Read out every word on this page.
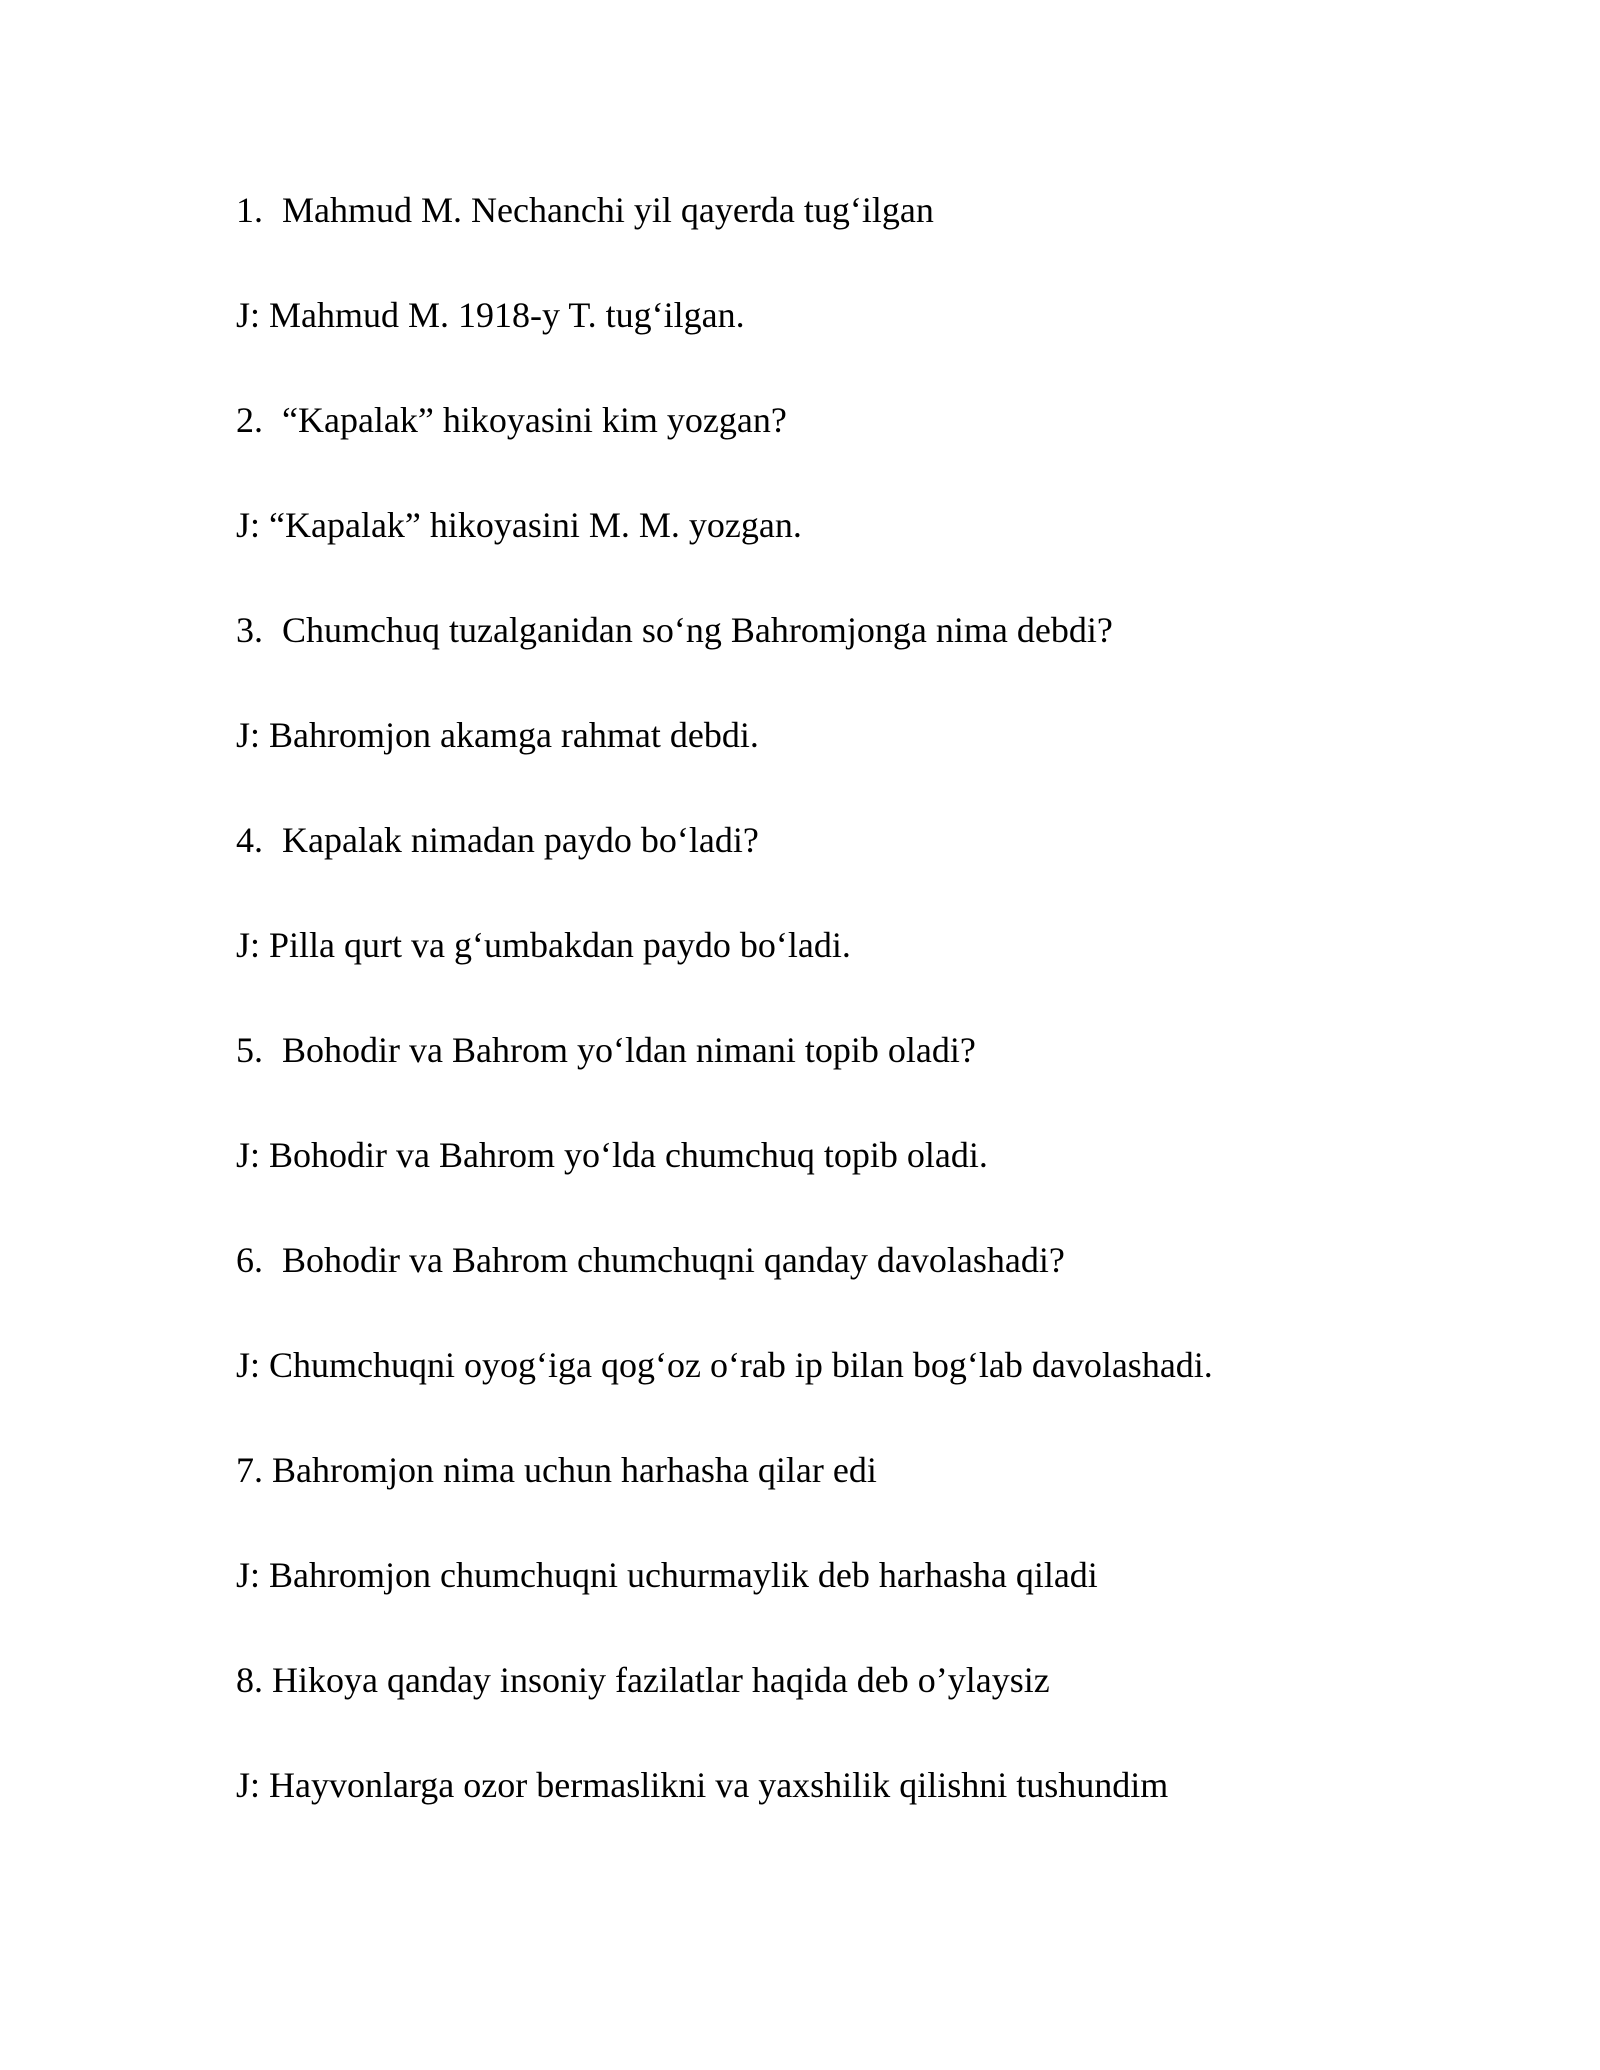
1. Mahmud M. Nechanchi yil qayerda tug‘ilgan
J: Mahmud M. 1918-y T. tug‘ilgan.
2. “Kapalak” hikoyasini kim yozgan?
J: “Kapalak” hikoyasini M. M. yozgan.
3. Chumchuq tuzalganidan so‘ng Bahromjonga nima debdi?
J: Bahromjon akamga rahmat debdi.
4. Kapalak nimadan paydo bo‘ladi?
J: Pilla qurt va g‘umbakdan paydo bo‘ladi.
5. Bohodir va Bahrom yo‘ldan nimani topib oladi?
J: Bohodir va Bahrom yo‘lda chumchuq topib oladi.
6. Bohodir va Bahrom chumchuqni qanday davolashadi?
J: Chumchuqni oyog‘iga qog‘oz o‘rab ip bilan bog‘lab davolashadi.
7. Bahromjon nima uchun harhasha qilar edi
J: Bahromjon chumchuqni uchurmaylik deb harhasha qiladi
8. Hikoya qanday insoniy fazilatlar haqida deb o’ylaysiz
J: Hayvonlarga ozor bermaslikni va yaxshilik qilishni tushundim
